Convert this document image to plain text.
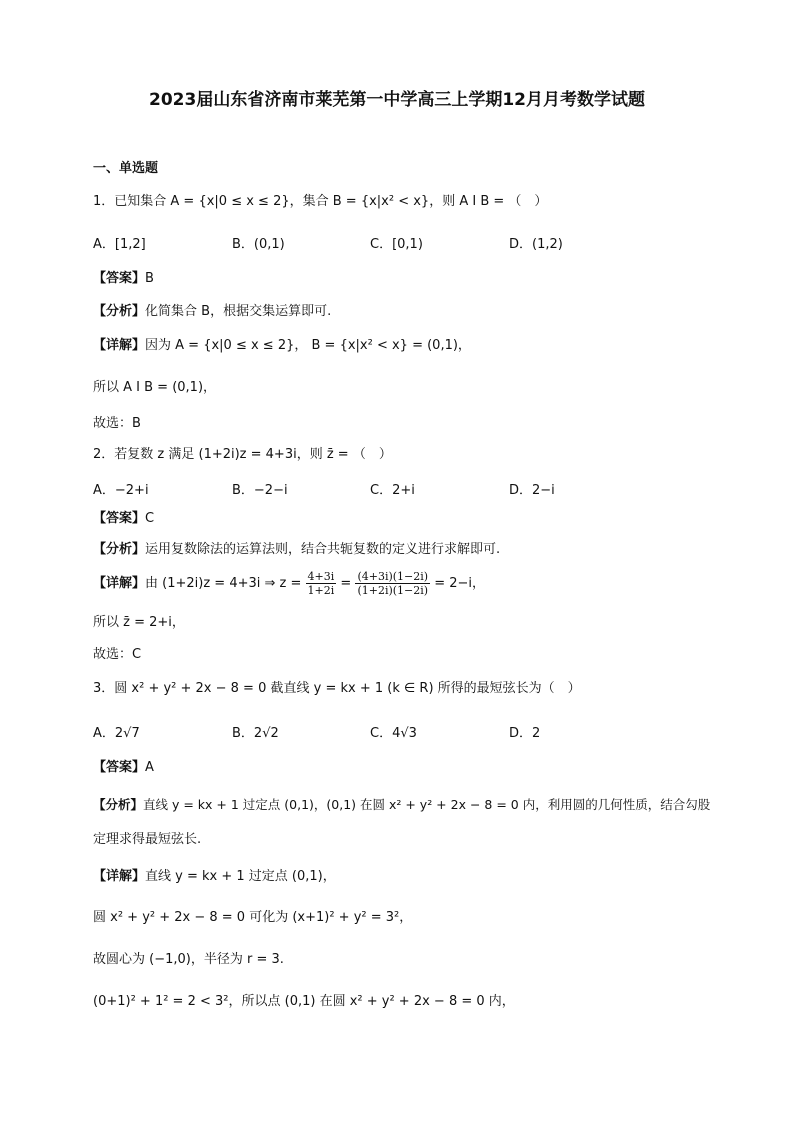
2023届山东省济南市莱芜第一中学高三上学期12月月考数学试题
一、单选题
1．已知集合 A = {x|0 ≤ x ≤ 2}，集合 B = {x|x² < x}，则 A I B = （　）
A．[1,2]	B．(0,1)	C．[0,1)	D．(1,2)
【答案】B
【分析】化简集合 B，根据交集运算即可.
【详解】因为 A = {x|0 ≤ x ≤ 2}， B = {x|x² < x} = (0,1)，
所以 A I B = (0,1)，
故选：B
2．若复数 z 满足 (1+2i)z = 4+3i，则 z̄ = （　）
A．−2+i	B．−2−i	C．2+i	D．2−i
【答案】C
【分析】运用复数除法的运算法则，结合共轭复数的定义进行求解即可.
【详解】由 (1+2i)z = 4+3i ⇒ $z = \frac{4+3i}{1+2i} = \frac{(4+3i)(1-2i)}{(1+2i)(1-2i)} = 2-i$，
所以 z̄ = 2+i，
故选：C
3．圆 x² + y² + 2x − 8 = 0 截直线 y = kx + 1 (k ∈ R) 所得的最短弦长为（　）
A．2√7	B．2√2	C．4√3	D．2
【答案】A
【分析】直线 y = kx + 1 过定点 (0,1)，(0,1) 在圆 x² + y² + 2x − 8 = 0 内，利用圆的几何性质，结合勾股
定理求得最短弦长.
【详解】直线 y = kx + 1 过定点 (0,1)，
圆 x² + y² + 2x − 8 = 0 可化为 (x+1)² + y² = 3²，
故圆心为 (−1,0)，半径为 r = 3.
(0+1)² + 1² = 2 < 3²，所以点 (0,1) 在圆 x² + y² + 2x − 8 = 0 内，
